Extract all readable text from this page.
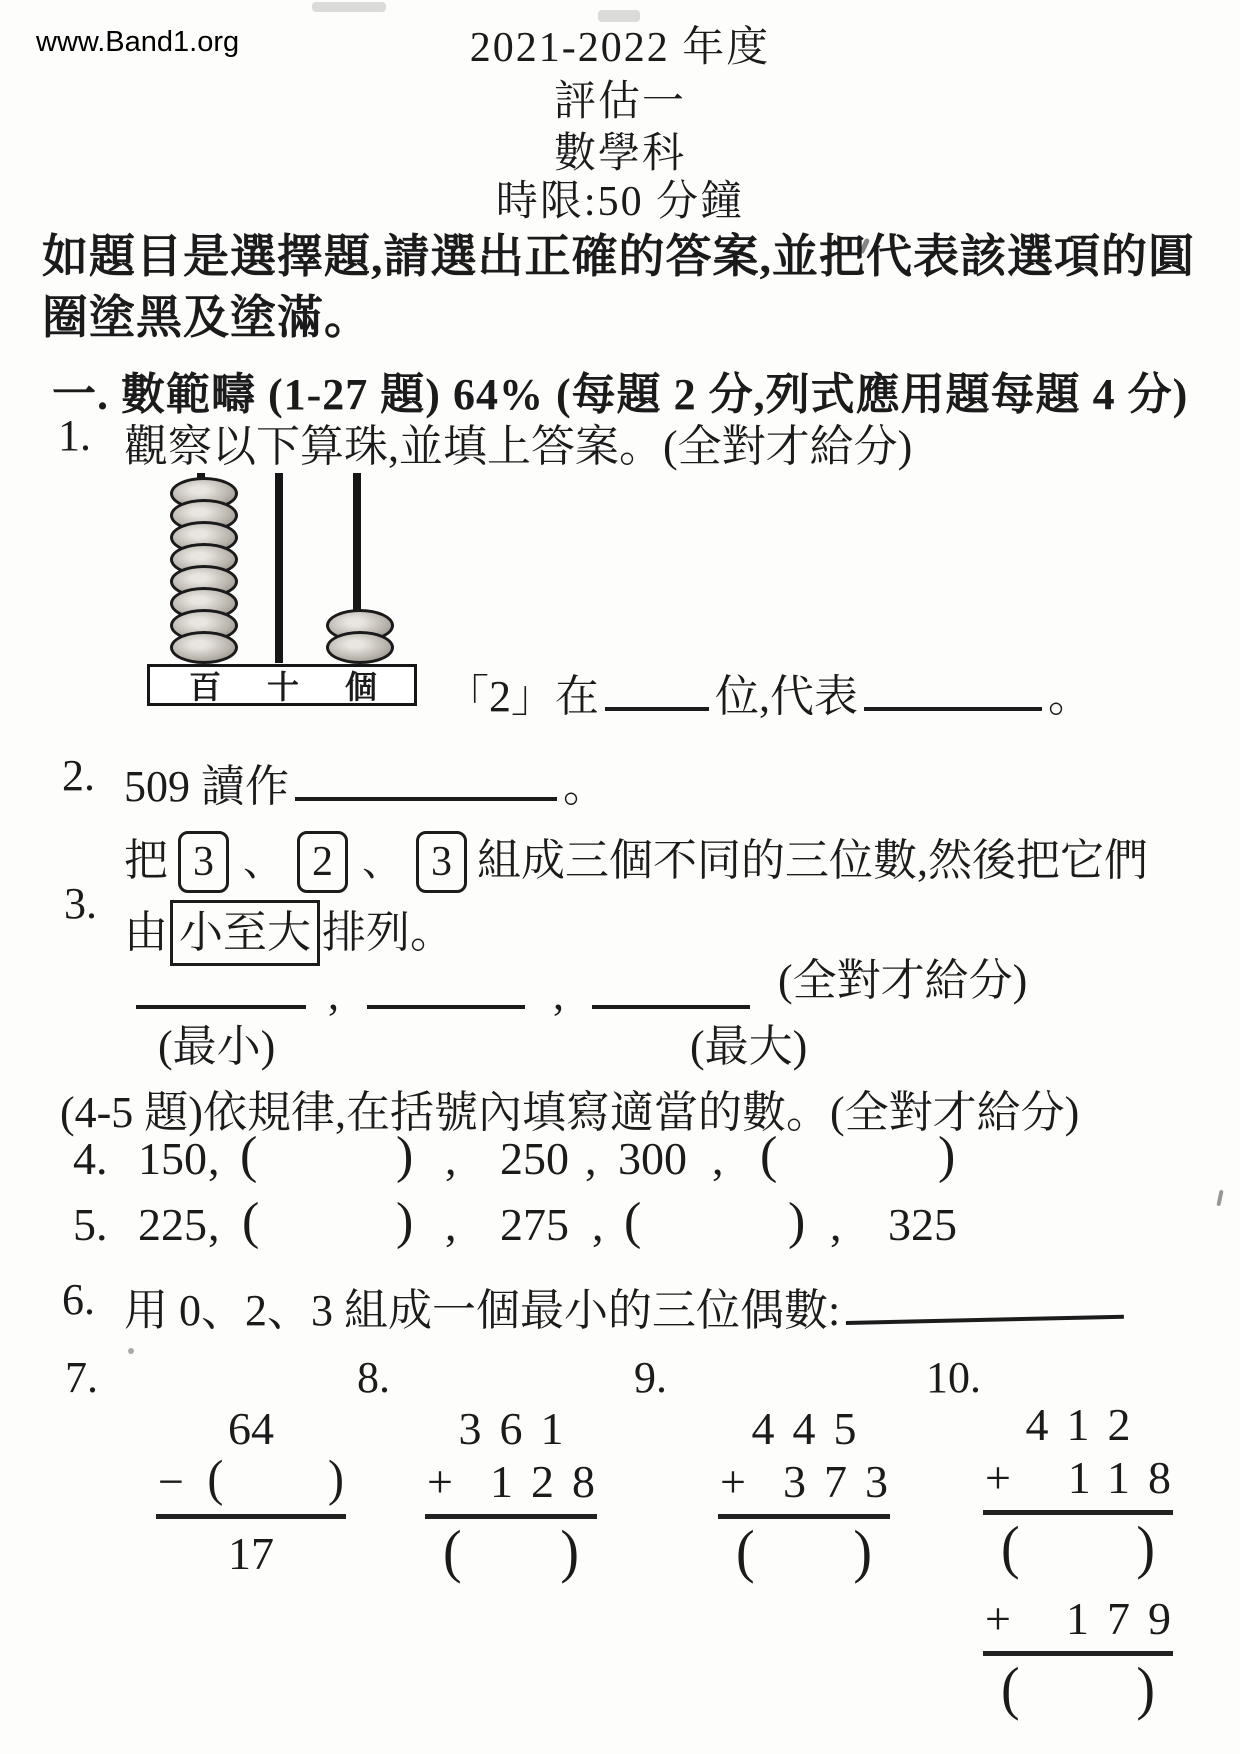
www.Band1.org	2021-2022 年度
評估一
數學科
時限:50 分鐘
如題目是選擇題,請選出正確的答案,並把代表該選項的圓圈塗黑及塗滿。
一. 數範疇 (1-27 題) 64% (每題 2 分,列式應用題每題 4 分)
1. 觀察以下算珠,並填上答案。(全對才給分)
百 十 個 「2」在	位,代表	。
2. 509 讀作	。
3.
把 3 、 2 、 3 組成三個不同的三位數,然後把它們
由 小至大 排列。
,	,	(全對才給分)
(最小)	(最大)
(4-5 題)依規律,在括號內填寫適當的數。(全對才給分)
4. 150 , (	) , 250 , 300 , (	)
5. 225 , (	) , 275 , (	) , 325
6. 用 0、2、3 組成一個最小的三位偶數:
7.	8.	9.	10.
64
− ( )
17
361
+ 128
( )
445
+ 373
( )
412
+ 118
( )
+ 179
( )
